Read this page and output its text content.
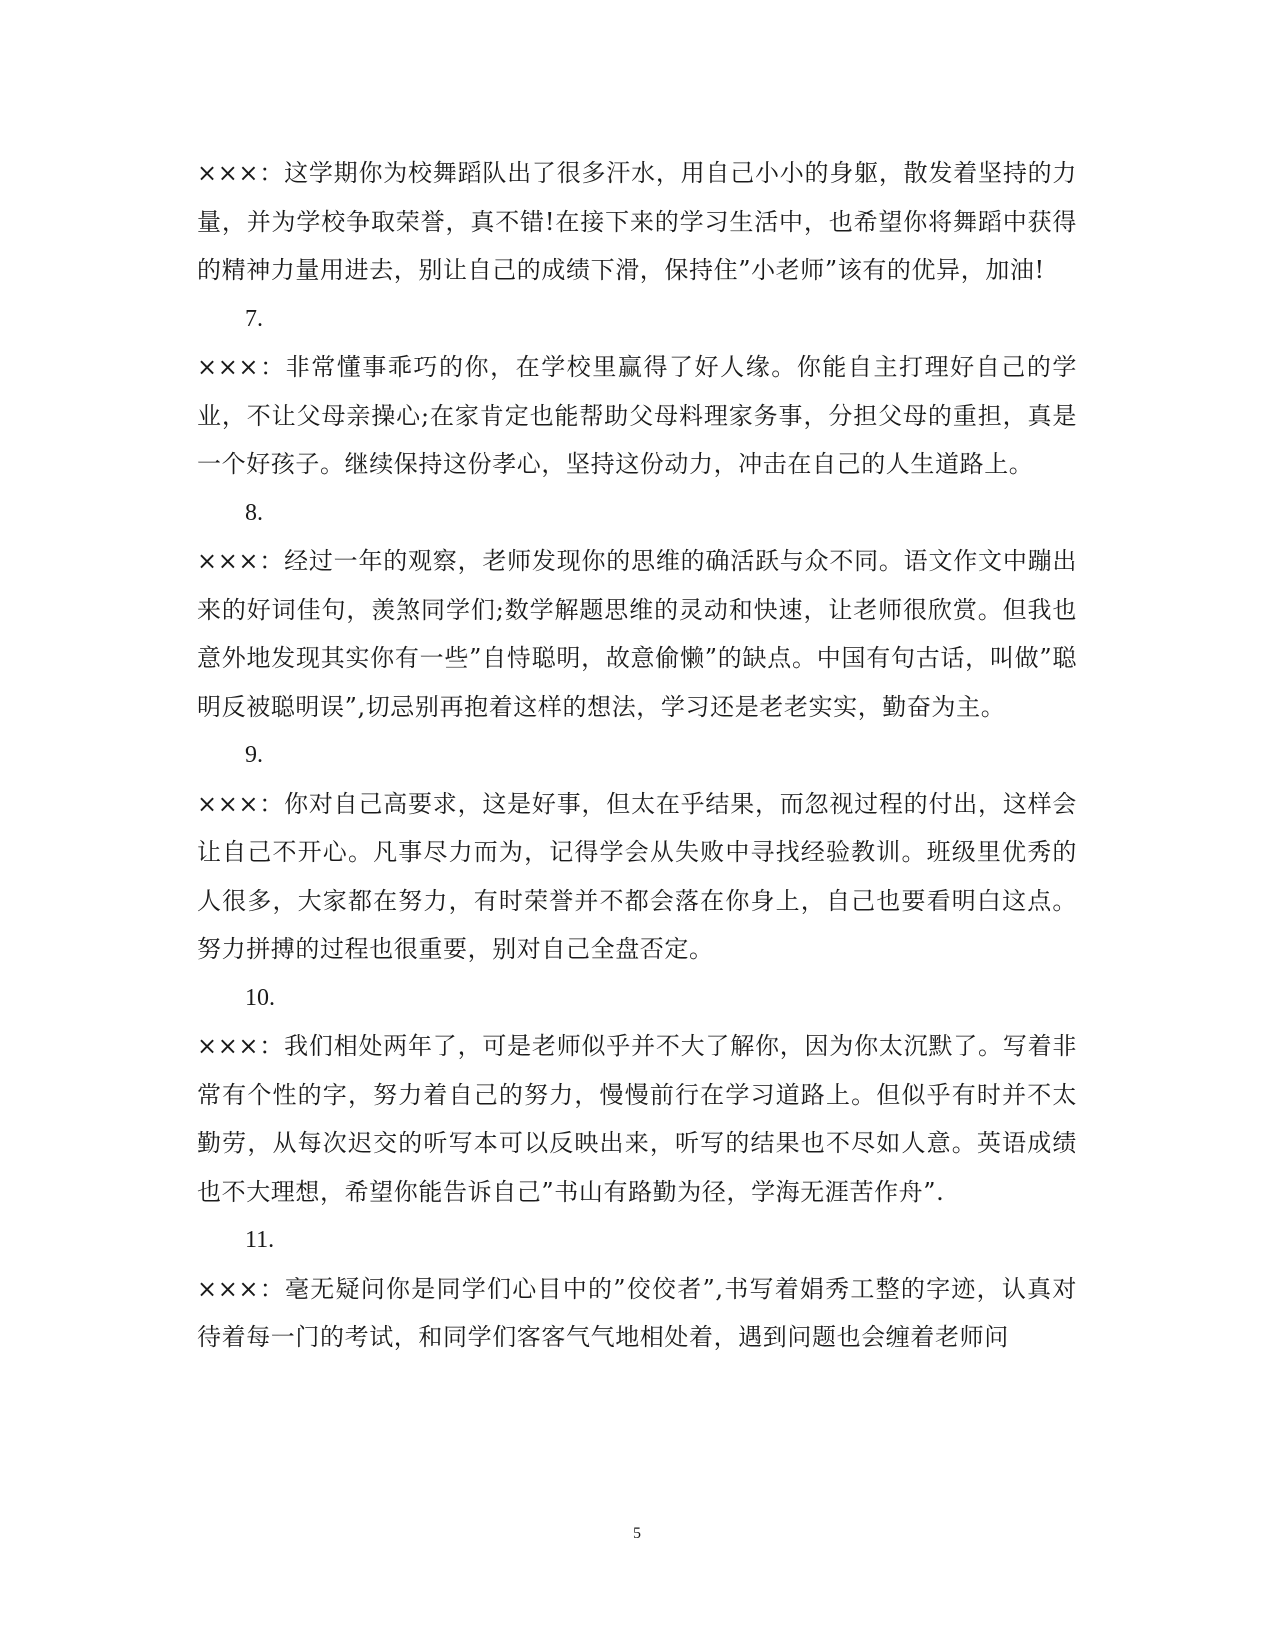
×××：这学期你为校舞蹈队出了很多汗水，用自己小小的身躯，散发着坚持的力量，并为学校争取荣誉，真不错!在接下来的学习生活中，也希望你将舞蹈中获得的精神力量用进去，别让自己的成绩下滑，保持住”小老师”该有的优异，加油!

7.

×××：非常懂事乖巧的你，在学校里赢得了好人缘。你能自主打理好自己的学业，不让父母亲操心;在家肯定也能帮助父母料理家务事，分担父母的重担，真是一个好孩子。继续保持这份孝心，坚持这份动力，冲击在自己的人生道路上。

8.

×××：经过一年的观察，老师发现你的思维的确活跃与众不同。语文作文中蹦出来的好词佳句，羡煞同学们;数学解题思维的灵动和快速，让老师很欣赏。但我也意外地发现其实你有一些”自恃聪明，故意偷懒”的缺点。中国有句古话，叫做”聪明反被聪明误”,切忌别再抱着这样的想法，学习还是老老实实，勤奋为主。

9.

×××：你对自己高要求，这是好事，但太在乎结果，而忽视过程的付出，这样会让自己不开心。凡事尽力而为，记得学会从失败中寻找经验教训。班级里优秀的人很多，大家都在努力，有时荣誉并不都会落在你身上，自己也要看明白这点。努力拼搏的过程也很重要，别对自己全盘否定。

10.

×××：我们相处两年了，可是老师似乎并不大了解你，因为你太沉默了。写着非常有个性的字，努力着自己的努力，慢慢前行在学习道路上。但似乎有时并不太勤劳，从每次迟交的听写本可以反映出来，听写的结果也不尽如人意。英语成绩也不大理想，希望你能告诉自己”书山有路勤为径，学海无涯苦作舟”.

11.

×××：毫无疑问你是同学们心目中的”佼佼者”,书写着娟秀工整的字迹，认真对待着每一门的考试，和同学们客客气气地相处着，遇到问题也会缠着老师问

5
